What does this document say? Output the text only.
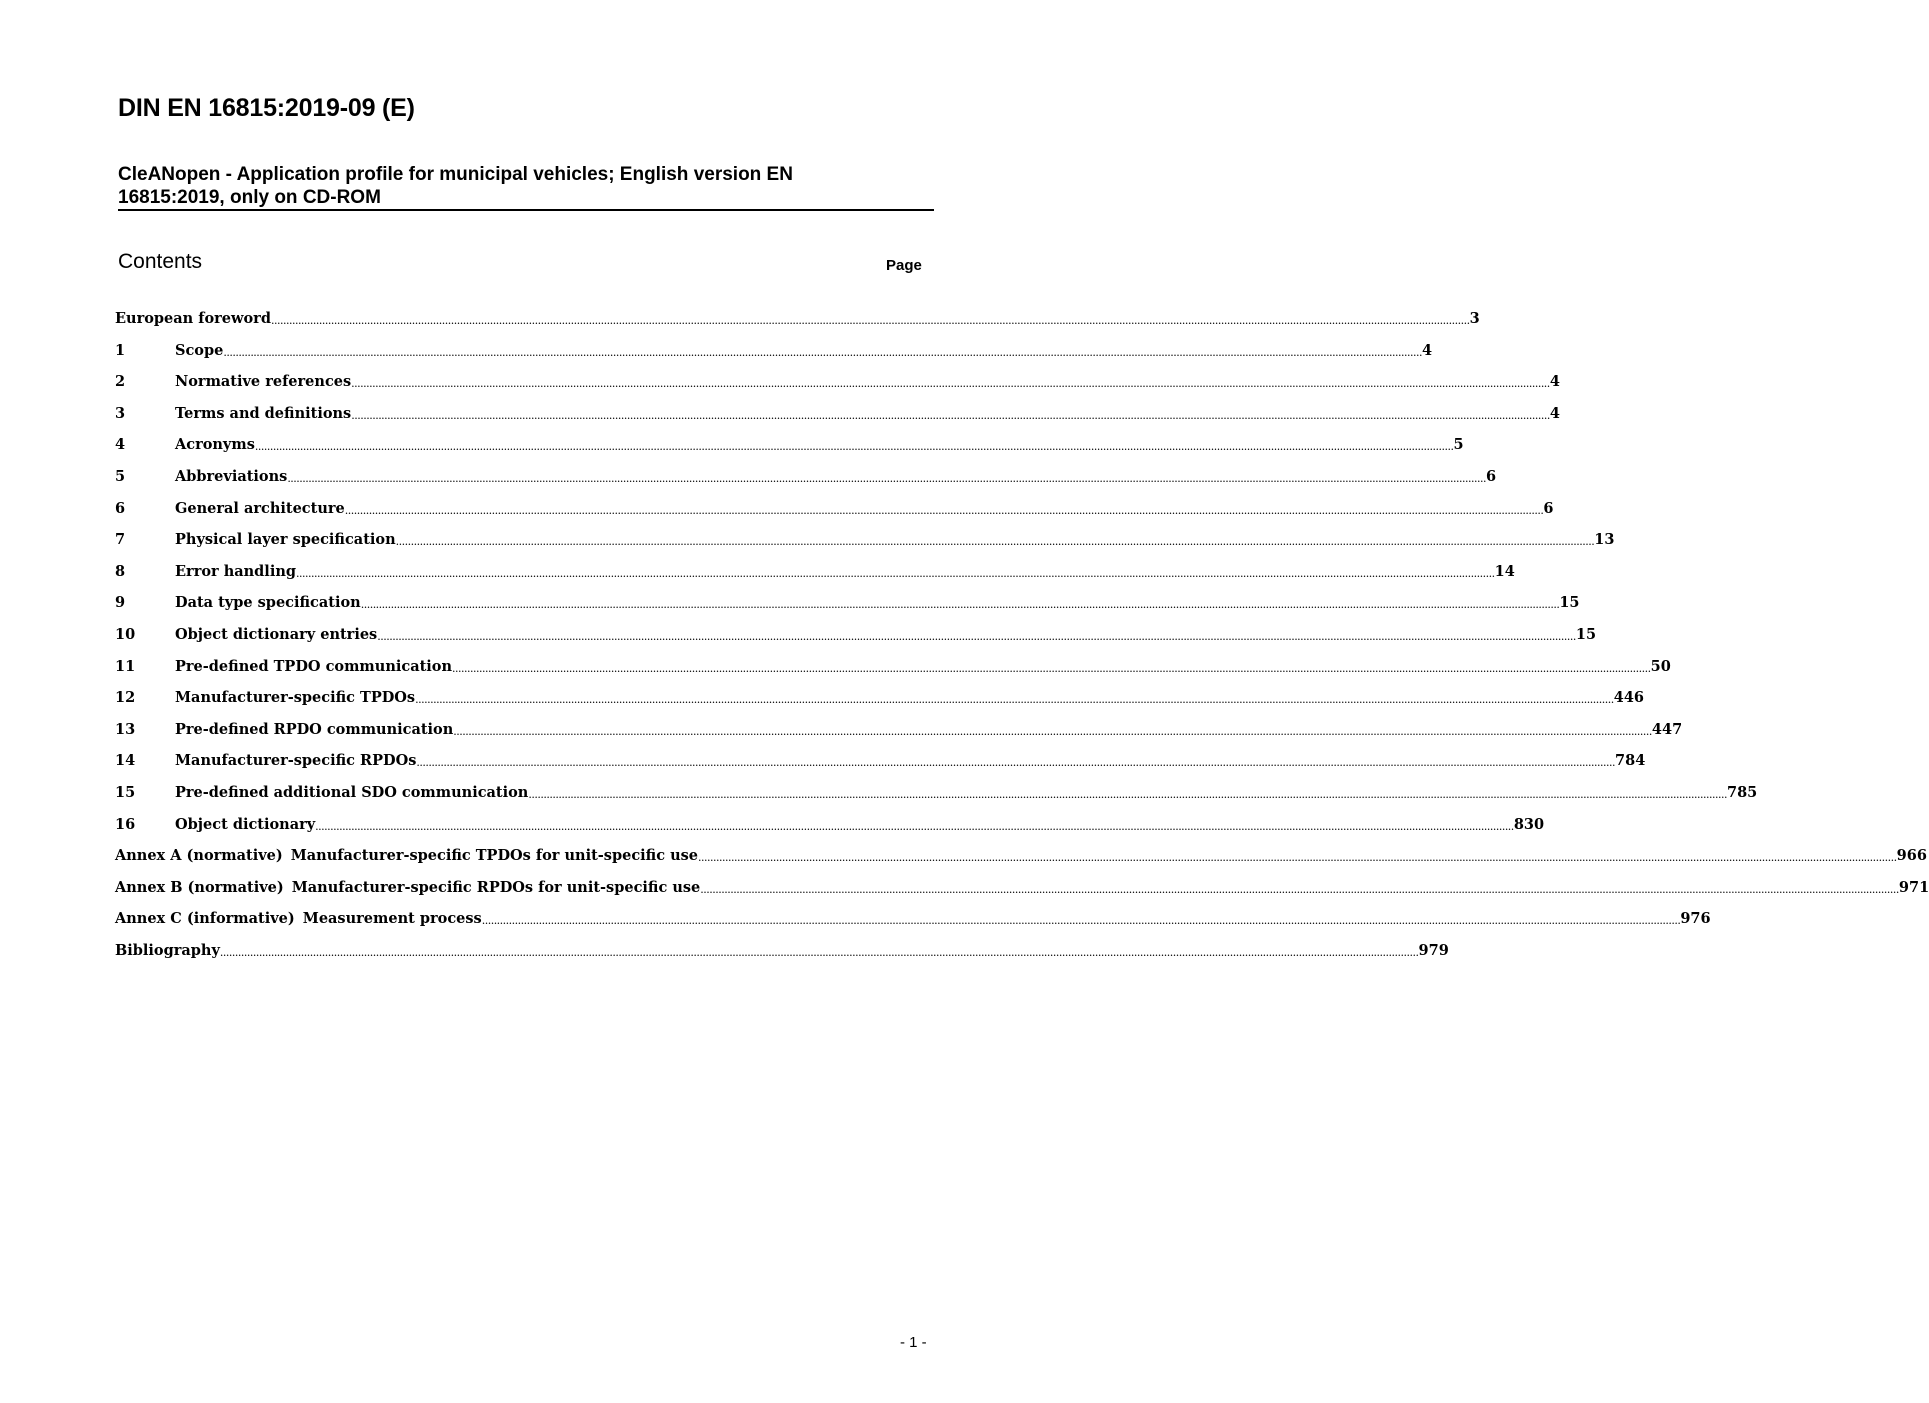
DIN EN 16815:2019-09 (E)
CleANopen - Application profile for municipal vehicles; English version EN 16815:2019, only on CD-ROM
Contents	Page
European foreword ................................................................................................................................................................................................................................................................................................................................................................................................................ 3
1	Scope ................................................................................................................................................................................................................................................................................................................................................................................................................ 4
2	Normative references ................................................................................................................................................................................................................................................................................................................................................................................................................ 4
3	Terms and definitions ................................................................................................................................................................................................................................................................................................................................................................................................................ 4
4	Acronyms ................................................................................................................................................................................................................................................................................................................................................................................................................ 5
5	Abbreviations ................................................................................................................................................................................................................................................................................................................................................................................................................ 6
6	General architecture ................................................................................................................................................................................................................................................................................................................................................................................................................ 6
7	Physical layer specification ................................................................................................................................................................................................................................................................................................................................................................................................................ 13
8	Error handling ................................................................................................................................................................................................................................................................................................................................................................................................................ 14
9	Data type specification ................................................................................................................................................................................................................................................................................................................................................................................................................ 15
10	Object dictionary entries ................................................................................................................................................................................................................................................................................................................................................................................................................ 15
11	Pre-defined TPDO communication ................................................................................................................................................................................................................................................................................................................................................................................................................ 50
12	Manufacturer-specific TPDOs ................................................................................................................................................................................................................................................................................................................................................................................................................ 446
13	Pre-defined RPDO communication ................................................................................................................................................................................................................................................................................................................................................................................................................ 447
14	Manufacturer-specific RPDOs ................................................................................................................................................................................................................................................................................................................................................................................................................ 784
15	Pre-defined additional SDO communication ................................................................................................................................................................................................................................................................................................................................................................................................................ 785
16	Object dictionary ................................................................................................................................................................................................................................................................................................................................................................................................................ 830
Annex A (normative) Manufacturer-specific TPDOs for unit-specific use ................................................................................................................................................................................................................................................................................................................................................................................................................ 966
Annex B (normative) Manufacturer-specific RPDOs for unit-specific use ................................................................................................................................................................................................................................................................................................................................................................................................................ 971
Annex C (informative) Measurement process ................................................................................................................................................................................................................................................................................................................................................................................................................ 976
Bibliography ................................................................................................................................................................................................................................................................................................................................................................................................................ 979
- 1 -
